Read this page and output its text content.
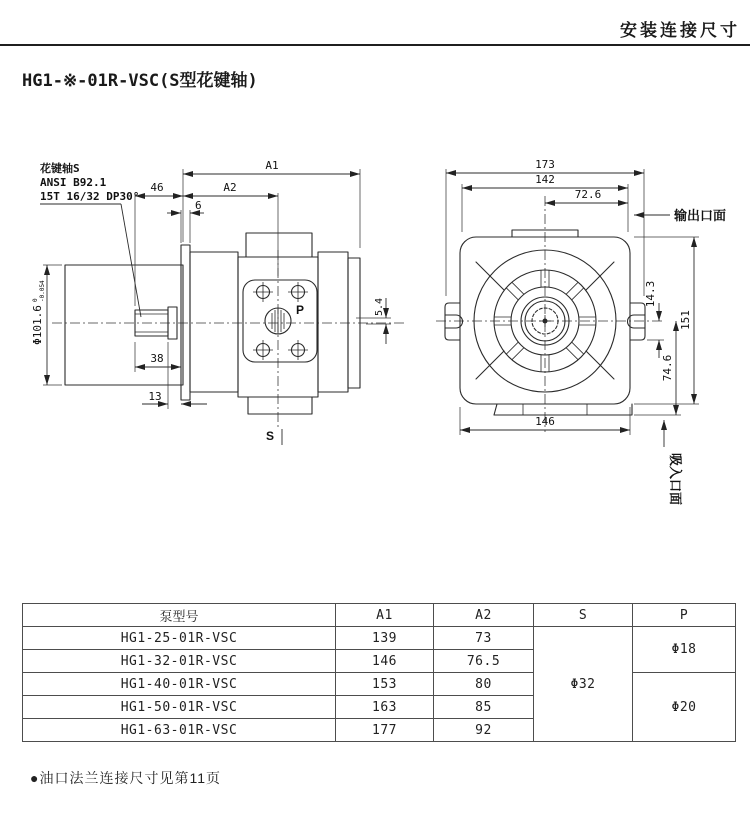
安装连接尺寸
HG1-※-01R-VSC(S型花键轴)
花键轴S
ANSI B92.1
15T 16/32 DP30°
A1
A2
46
6
Φ101.6
0 -0.054
38
13
5.4
P
S
173
142
72.6
输出口面
151
14.3
74.6
146
吸入口面
泵型号	A1	A2	S	P
HG1-25-01R-VSC	139	73	Φ32	Φ18
HG1-32-01R-VSC	146	76.5		
HG1-40-01R-VSC	153	80		Φ20
HG1-50-01R-VSC	163	85		
HG1-63-01R-VSC	177	92		
●油口法兰连接尺寸见第11页
